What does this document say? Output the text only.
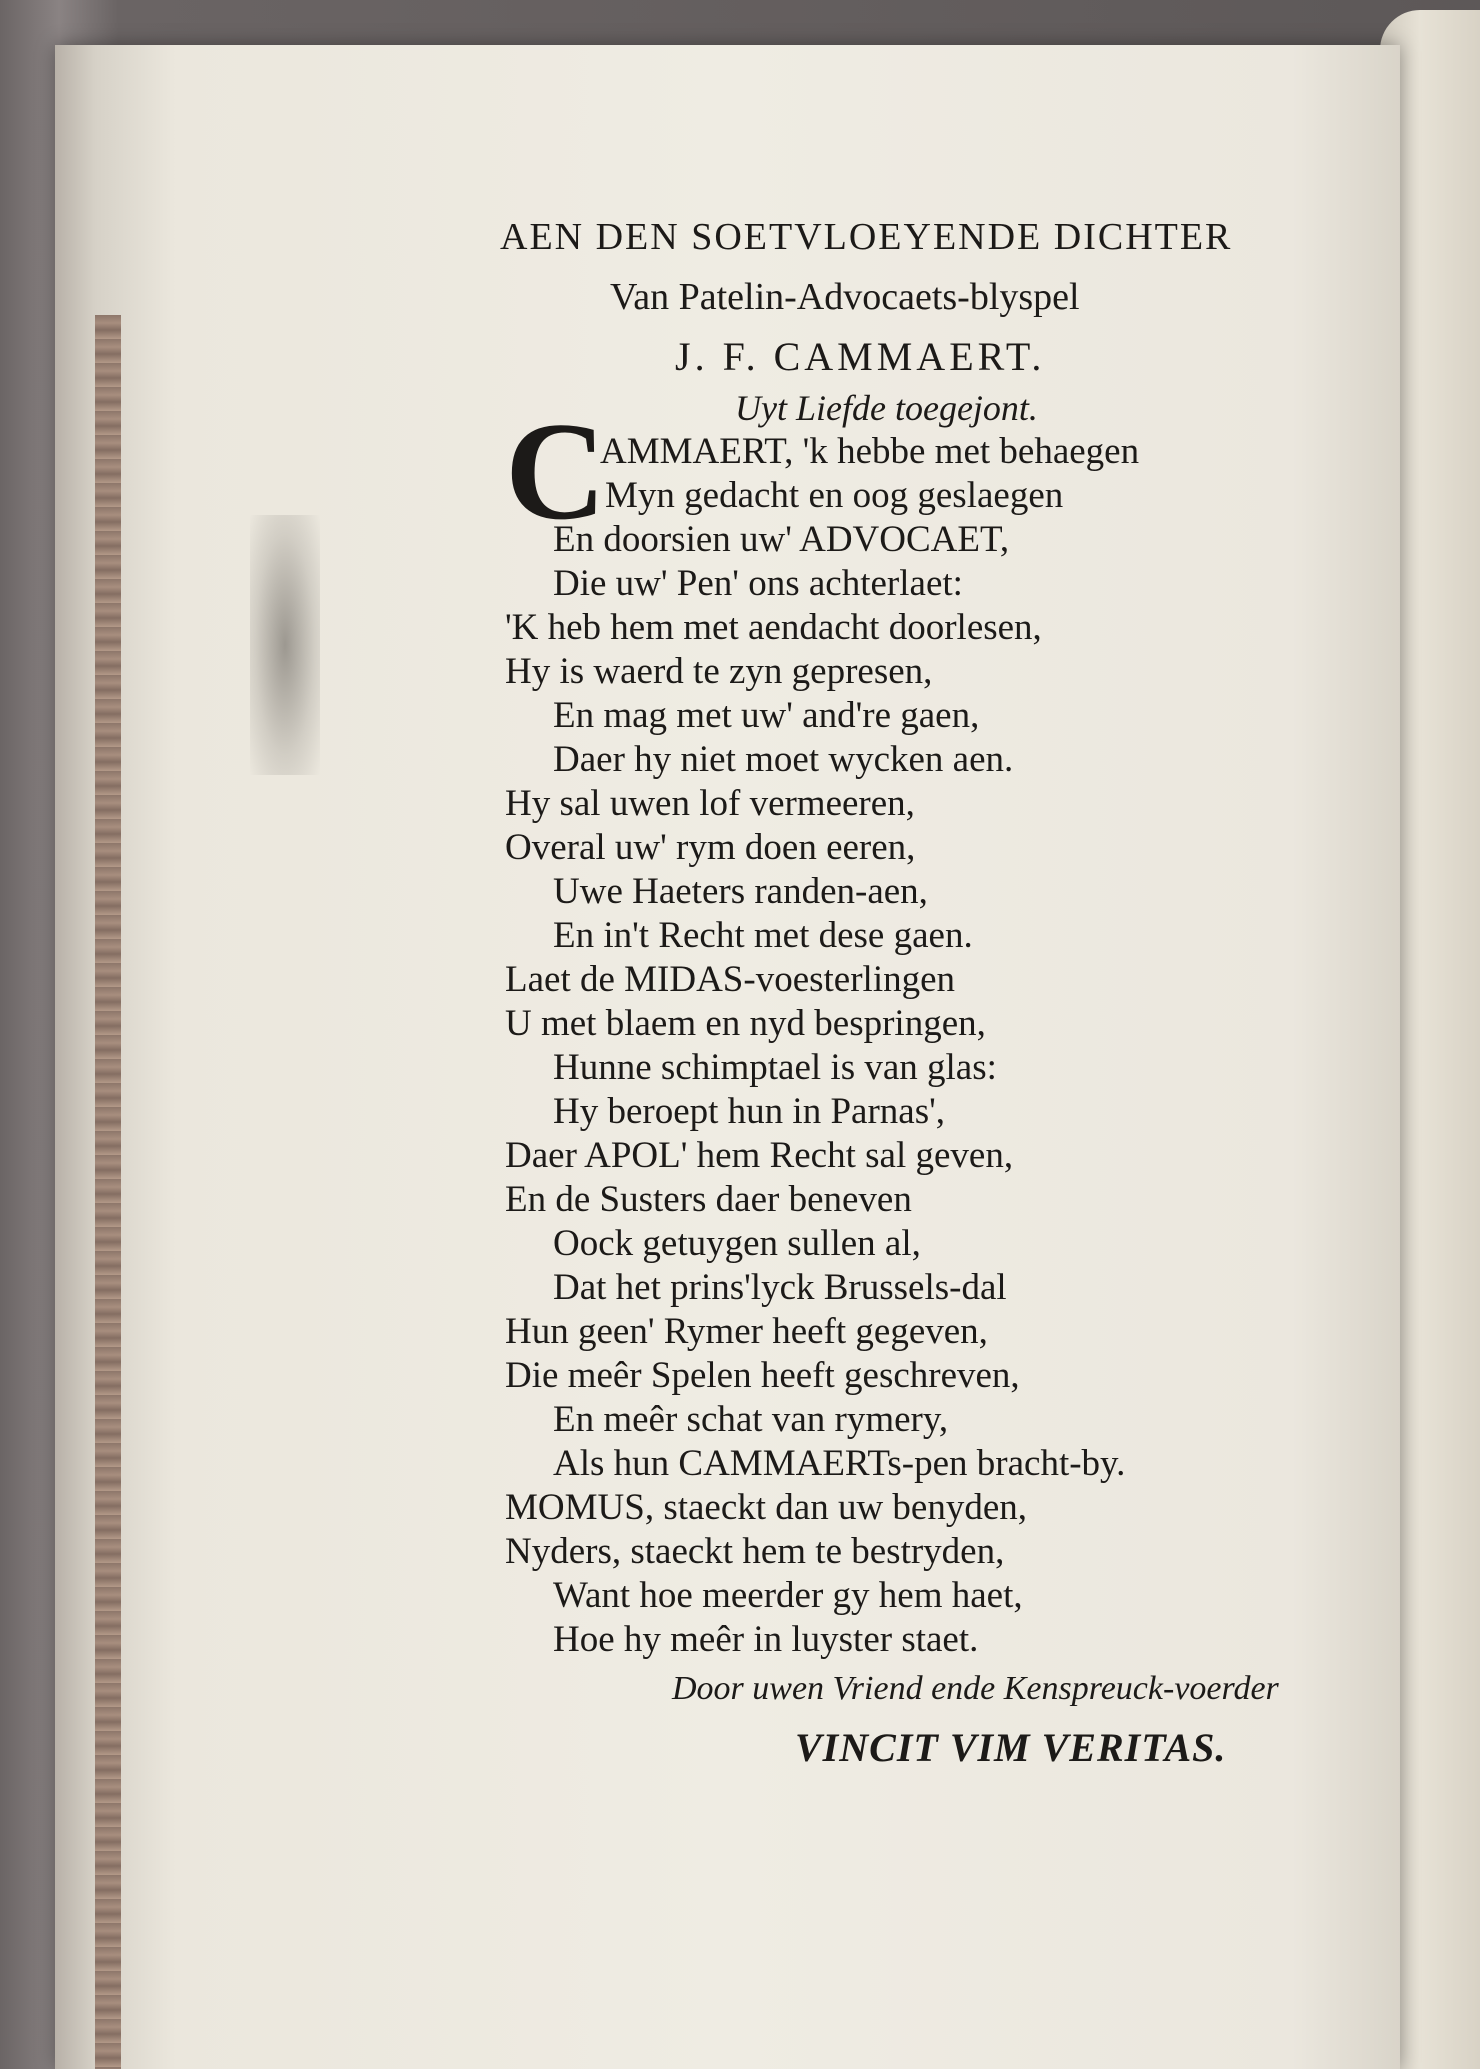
AEN DEN SOETVLOEYENDE DICHTER
Van Patelin-Advocaets-blyspel
J. F. CAMMAERT.
Uyt Liefde toegejont.
C
AMMAERT, 'k hebbe met behaegen
Myn gedacht en oog geslaegen
En doorsien uw' ADVOCAET,
Die uw' Pen' ons achterlaet:
'K heb hem met aendacht doorlesen,
Hy is waerd te zyn gepresen,
En mag met uw' and're gaen,
Daer hy niet moet wycken aen.
Hy sal uwen lof vermeeren,
Overal uw' rym doen eeren,
Uwe Haeters randen-aen,
En in't Recht met dese gaen.
Laet de MIDAS-voesterlingen
U met blaem en nyd bespringen,
Hunne schimptael is van glas:
Hy beroept hun in Parnas',
Daer APOL' hem Recht sal geven,
En de Susters daer beneven
Oock getuygen sullen al,
Dat het prins'lyck Brussels-dal
Hun geen' Rymer heeft gegeven,
Die meêr Spelen heeft geschreven,
En meêr schat van rymery,
Als hun CAMMAERTs-pen bracht-by.
MOMUS, staeckt dan uw benyden,
Nyders, staeckt hem te bestryden,
Want hoe meerder gy hem haet,
Hoe hy meêr in luyster staet.
Door uwen Vriend ende Kenspreuck-voerder
VINCIT VIM VERITAS.
